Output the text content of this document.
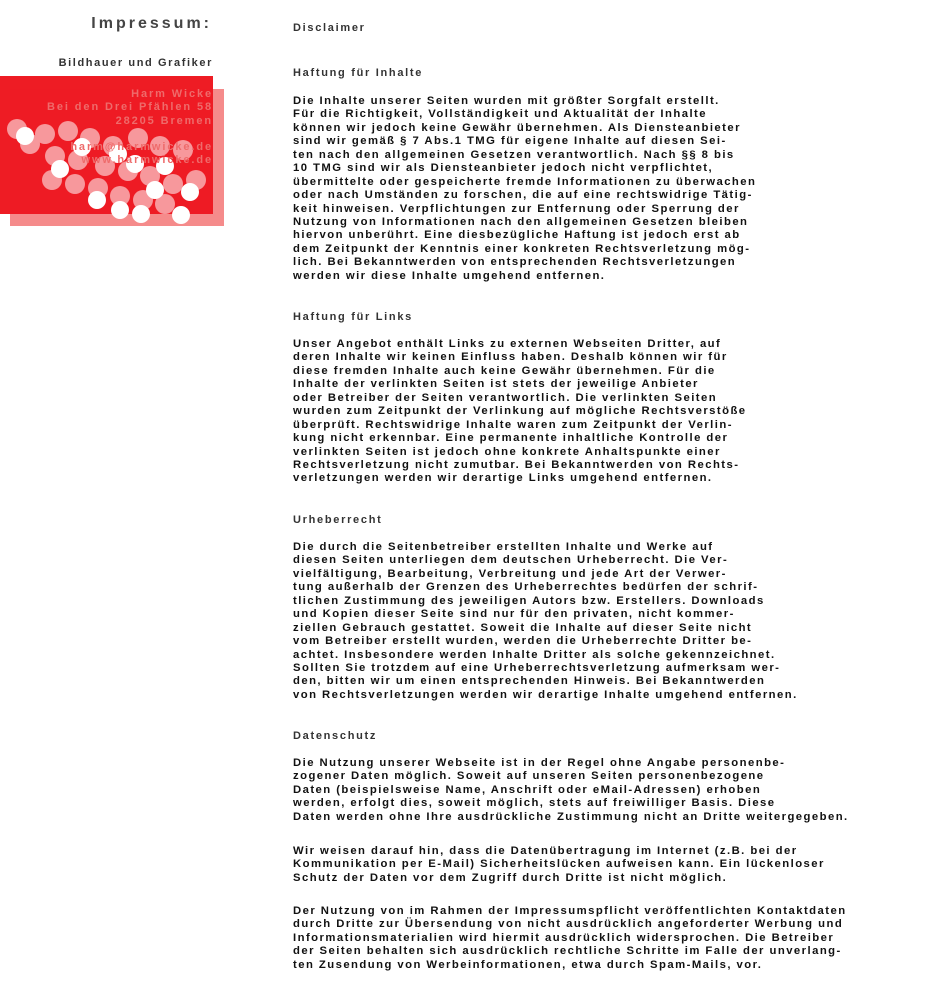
Impressum:
Bildhauer und Grafiker
Harm Wicke
Bei den Drei Pfählen 58
28205 Bremen
harm@harmwicke.de
www.harmwicke.de
Disclaimer
Haftung für Inhalte
Die Inhalte unserer Seiten wurden mit größter Sorgfalt erstellt.
Für die Richtigkeit, Vollständigkeit und Aktualität der Inhalte
können wir jedoch keine Gewähr übernehmen. Als Diensteanbieter
sind wir gemäß § 7 Abs.1 TMG für eigene Inhalte auf diesen Sei-
ten nach den allgemeinen Gesetzen verantwortlich. Nach §§ 8 bis
10 TMG sind wir als Diensteanbieter jedoch nicht verpflichtet,
übermittelte oder gespeicherte fremde Informationen zu überwachen
oder nach Umständen zu forschen, die auf eine rechtswidrige Tätig-
keit hinweisen. Verpflichtungen zur Entfernung oder Sperrung der
Nutzung von Informationen nach den allgemeinen Gesetzen bleiben
hiervon unberührt. Eine diesbezügliche Haftung ist jedoch erst ab
dem Zeitpunkt der Kenntnis einer konkreten Rechtsverletzung mög-
lich. Bei Bekanntwerden von entsprechenden Rechtsverletzungen
werden wir diese Inhalte umgehend entfernen.
Haftung für Links
Unser Angebot enthält Links zu externen Webseiten Dritter, auf
deren Inhalte wir keinen Einfluss haben. Deshalb können wir für
diese fremden Inhalte auch keine Gewähr übernehmen. Für die
Inhalte der verlinkten Seiten ist stets der jeweilige Anbieter
oder Betreiber der Seiten verantwortlich. Die verlinkten Seiten
wurden zum Zeitpunkt der Verlinkung auf mögliche Rechtsverstöße
überprüft. Rechtswidrige Inhalte waren zum Zeitpunkt der Verlin-
kung nicht erkennbar. Eine permanente inhaltliche Kontrolle der
verlinkten Seiten ist jedoch ohne konkrete Anhaltspunkte einer
Rechtsverletzung nicht zumutbar. Bei Bekanntwerden von Rechts-
verletzungen werden wir derartige Links umgehend entfernen.
Urheberrecht
Die durch die Seitenbetreiber erstellten Inhalte und Werke auf
diesen Seiten unterliegen dem deutschen Urheberrecht. Die Ver-
vielfältigung, Bearbeitung, Verbreitung und jede Art der Verwer-
tung außerhalb der Grenzen des Urheberrechtes bedürfen der schrif-
tlichen Zustimmung des jeweiligen Autors bzw. Erstellers. Downloads
und Kopien dieser Seite sind nur für den privaten, nicht kommer-
ziellen Gebrauch gestattet. Soweit die Inhalte auf dieser Seite nicht
vom Betreiber erstellt wurden, werden die Urheberrechte Dritter be-
achtet. Insbesondere werden Inhalte Dritter als solche gekennzeichnet.
Sollten Sie trotzdem auf eine Urheberrechtsverletzung aufmerksam wer-
den, bitten wir um einen entsprechenden Hinweis. Bei Bekanntwerden
von Rechtsverletzungen werden wir derartige Inhalte umgehend entfernen.
Datenschutz
Die Nutzung unserer Webseite ist in der Regel ohne Angabe personenbe-
zogener Daten möglich. Soweit auf unseren Seiten personenbezogene
Daten (beispielsweise Name, Anschrift oder eMail-Adressen) erhoben
werden, erfolgt dies, soweit möglich, stets auf freiwilliger Basis. Diese
Daten werden ohne Ihre ausdrückliche Zustimmung nicht an Dritte weitergegeben.
Wir weisen darauf hin, dass die Datenübertragung im Internet (z.B. bei der
Kommunikation per E-Mail) Sicherheitslücken aufweisen kann. Ein lückenloser
Schutz der Daten vor dem Zugriff durch Dritte ist nicht möglich.
Der Nutzung von im Rahmen der Impressumspflicht veröffentlichten Kontaktdaten
durch Dritte zur Übersendung von nicht ausdrücklich angeforderter Werbung und
Informationsmaterialien wird hiermit ausdrücklich widersprochen. Die Betreiber
der Seiten behalten sich ausdrücklich rechtliche Schritte im Falle der unverlang-
ten Zusendung von Werbeinformationen, etwa durch Spam-Mails, vor.
